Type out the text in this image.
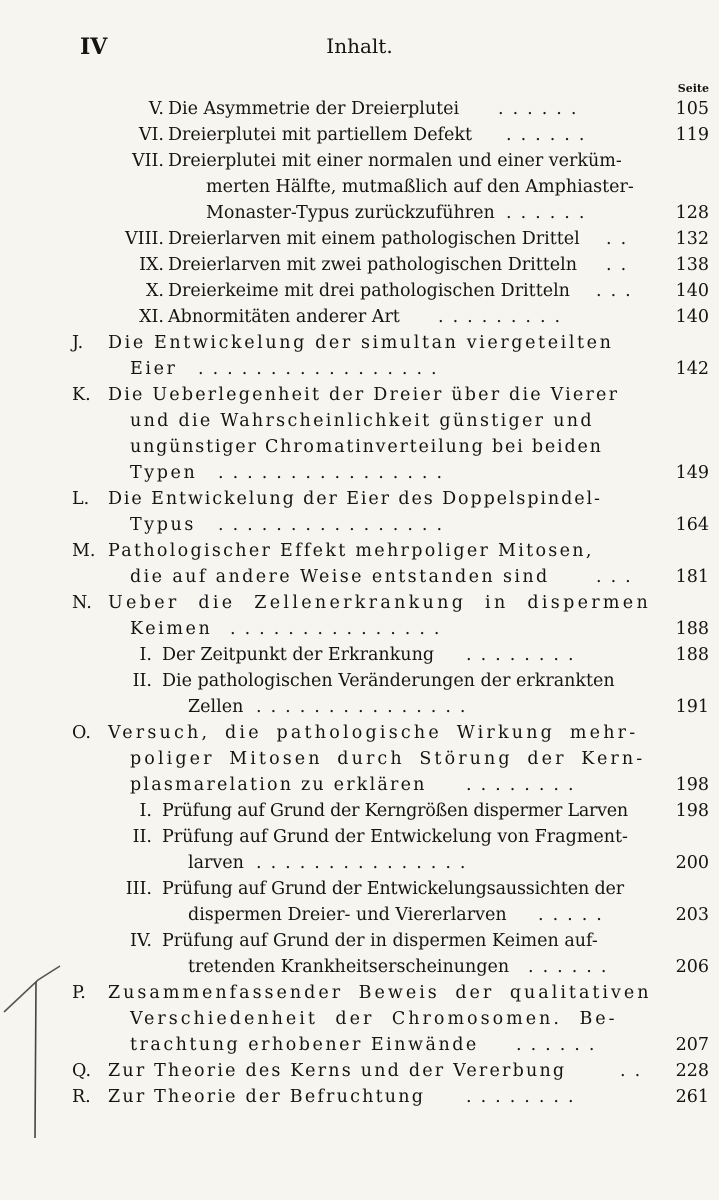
IV	Inhalt.
Seite
V. Die Asymmetrie der Dreierplutei ......	105
VI. Dreierplutei mit partiellem Defekt ......	119
VII. Dreierplutei mit einer normalen und einer verküm-
merten Hälfte, mutmaßlich auf den Amphiaster-
Monaster-Typus zurückzuführen ......	128
VIII. Dreierlarven mit einem pathologischen Drittel .. 132
IX. Dreierlarven mit zwei pathologischen Dritteln .. 138
X. Dreierkeime mit drei pathologischen Dritteln ... 140
XI. Abnormitäten anderer Art .........	140
J. Die Entwickelung der simultan viergeteilten
Eier .................	142
K. Die Ueberlegenheit der Dreier über die Vierer
und die Wahrscheinlichkeit günstiger und
ungünstiger Chromatinverteilung bei beiden
Typen ................	149
L. Die Entwickelung der Eier des Doppelspindel-
Typus ................	164
M. Pathologischer Effekt mehrpoliger Mitosen,
die auf andere Weise entstanden sind	... 181
N. Ueber die Zellenerkrankung in dispermen
Keimen ...............	188
I. Der Zeitpunkt der Erkrankung ........	188
II. Die pathologischen Veränderungen der erkrankten
Zellen ...............	191
O. Versuch, die pathologische Wirkung mehr-
poliger Mitosen durch Störung der Kern-
plasmarelation zu erklären ........	198
I. Prüfung auf Grund der Kerngrößen dispermer Larven	198
II. Prüfung auf Grund der Entwickelung von Fragment-
larven ...............	200
III. Prüfung auf Grund der Entwickelungsaussichten der
dispermen Dreier- und Viererlarven .....	203
IV. Prüfung auf Grund der in dispermen Keimen auf-
tretenden Krankheitserscheinungen ......	206
P. Zusammenfassender Beweis der qualitativen
Verschiedenheit der Chromosomen. Be-
trachtung erhobener Einwände ......	207
Q. Zur Theorie des Kerns und der Vererbung	.. 228
R. Zur Theorie der Befruchtung ........	261
